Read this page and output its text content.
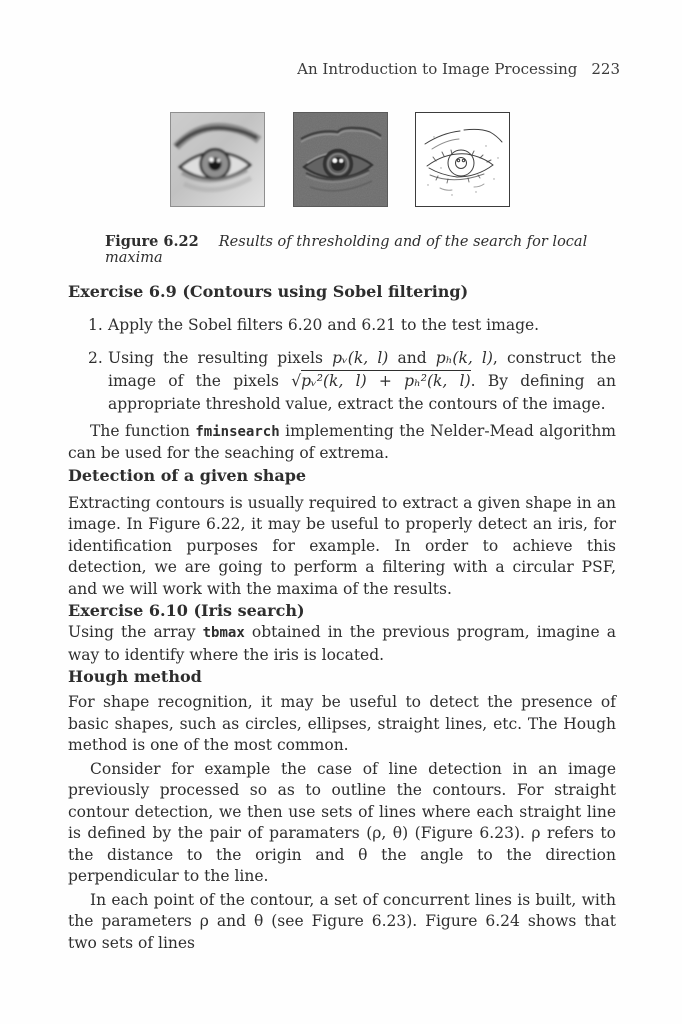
An Introduction to Image Processing 223
Figure 6.22 Results of thresholding and of the search for local maxima
Exercise 6.9 (Contours using Sobel filtering)
1. Apply the Sobel filters 6.20 and 6.21 to the test image.
2. Using the resulting pixels pᵥ(k, l) and pₕ(k, l), construct the image of the pixels √pᵥ²(k, l) + pₕ²(k, l). By defining an appropriate threshold value, extract the contours of the image.

The function fminsearch implementing the Nelder-Mead algorithm can be used for the seaching of extrema.

Detection of a given shape

Extracting contours is usually required to extract a given shape in an image. In Figure 6.22, it may be useful to properly detect an iris, for identification purposes for example. In order to achieve this detection, we are going to perform a filtering with a circular PSF, and we will work with the maxima of the results.

Exercise 6.10 (Iris search)

Using the array tbmax obtained in the previous program, imagine a way to identify where the iris is located.

Hough method

For shape recognition, it may be useful to detect the presence of basic shapes, such as circles, ellipses, straight lines, etc. The Hough method is one of the most common.

Consider for example the case of line detection in an image previously processed so as to outline the contours. For straight contour detection, we then use sets of lines where each straight line is defined by the pair of paramaters (ρ, θ) (Figure 6.23). ρ refers to the distance to the origin and θ the angle to the direction perpendicular to the line.

In each point of the contour, a set of concurrent lines is built, with the parameters ρ and θ (see Figure 6.23). Figure 6.24 shows that two sets of lines
